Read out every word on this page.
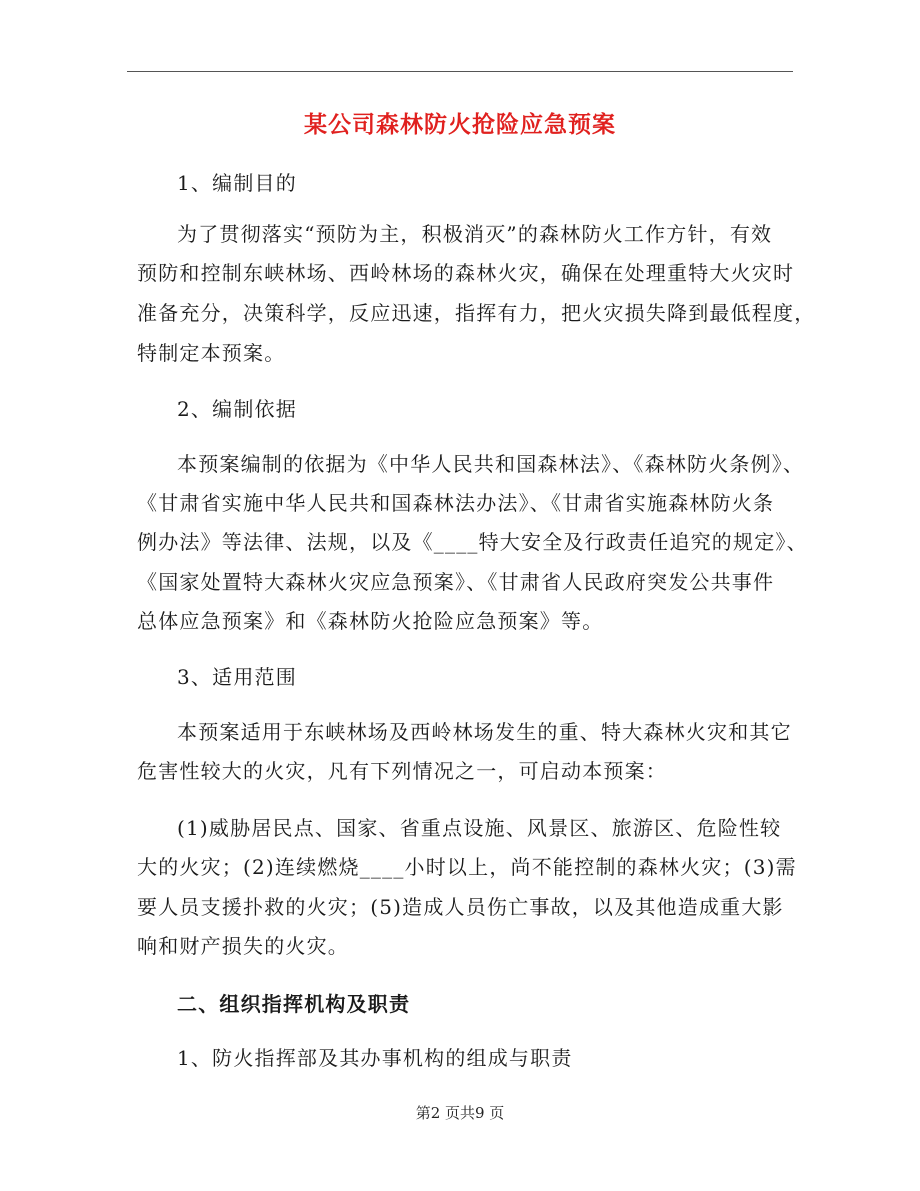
某公司森林防火抢险应急预案

1、编制目的

为了贯彻落实“预防为主，积极消灭”的森林防火工作方针，有效

预防和控制东峡林场、西岭林场的森林火灾，确保在处理重特大火灾时

准备充分，决策科学，反应迅速，指挥有力，把火灾损失降到最低程度，

特制定本预案。

2、编制依据

本预案编制的依据为《中华人民共和国森林法》、《森林防火条例》、

《甘肃省实施中华人民共和国森林法办法》、《甘肃省实施森林防火条

例办法》等法律、法规，以及《____特大安全及行政责任追究的规定》、

《国家处置特大森林火灾应急预案》、《甘肃省人民政府突发公共事件

总体应急预案》和《森林防火抢险应急预案》等。

3、适用范围

本预案适用于东峡林场及西岭林场发生的重、特大森林火灾和其它

危害性较大的火灾，凡有下列情况之一，可启动本预案：

(1)威胁居民点、国家、省重点设施、风景区、旅游区、危险性较

大的火灾；(2)连续燃烧____小时以上，尚不能控制的森林火灾；(3)需

要人员支援扑救的火灾；(5)造成人员伤亡事故，以及其他造成重大影

响和财产损失的火灾。

二、组织指挥机构及职责

1、防火指挥部及其办事机构的组成与职责

第2 页共9 页
